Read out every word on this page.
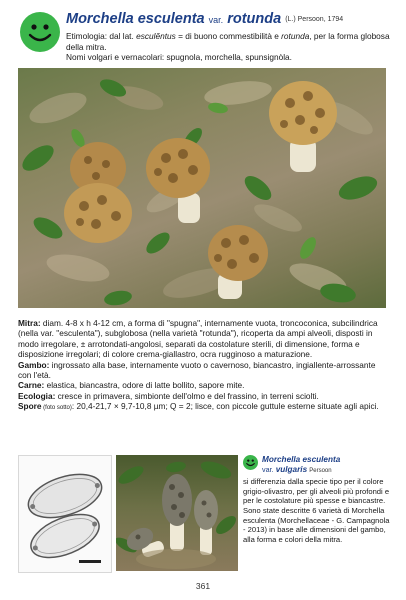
Morchella esculenta var. rotunda (L.) Persoon, 1794
Etimologia: dal lat. esculĕntus = di buono commestibilità e rotunda, per la forma globosa della mitra.
Nomi volgari e vernacolari: spugnola, morchella, spunsignòla.

Mitra: diam. 4-8 x h 4-12 cm, a forma di "spugna", internamente vuota, troncoconica, subcilindrica (nella var. "esculenta"), subglobosa (nella varietà "rotunda"), ricoperta da ampi alveoli, disposti in modo irregolare, ± arrotondati-angolosi, separati da costolature sterili, di dimensione, forma e disposizione irregolari; di colore crema-giallastro, ocra rugginoso a maturazione.

Gambo: ingrossato alla base, internamente vuoto o cavernoso, biancastro, ingiallente-arrossante con l'età.

Carne: elastica, biancastra, odore di latte bollito, sapore mite.

Ecologia: cresce in primavera, simbionte dell'olmo e del frassino, in terreni sciolti.

Spore (foto sotto): 20,4-21,7 × 9,7-10,8 µm; Q = 2; lisce, con piccole guttule esterne situate agli apici.

Morchella esculenta
var. vulgaris Persoon
si differenzia dalla specie tipo per il colore grigio-olivastro, per gli alveoli più profondi e per le costolature più spesse e biancastre. Sono state descritte 6 varietà di Morchella esculenta (Morchellaceae - G. Campagnola - 2013) in base alle dimensioni del gambo, alla forma e colori della mitra.
361
